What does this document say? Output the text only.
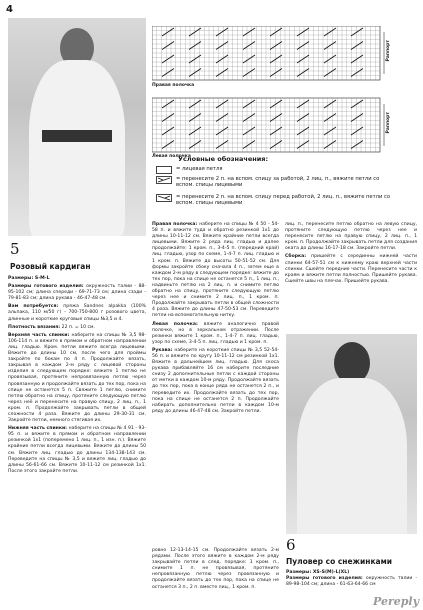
4
Правая полочка
Левая полочка
Раппорт
Раппорт
Условные обозначения:
= лицевая петля
= перенесите 2 п. на вспом. спицу за работой, 2 лиц. п., вяжите петли со вспом. спицы лицевыми
= перенесите 2 п. на вспом. спицу перед работой, 2 лиц. п., вяжите петли со вспом. спицы лицевыми
5
Розовый кардиган

Размеры: S-M-L

Размеры готового изделия: окружность талии - 88-95-102 см; длина спереди - 69-71-73 см; длина сзади - 79-81-83 см; длина рукава - 46-47-48 см.

Вам потребуется: пряжа Sandnes alpakka (100% альпака, 110 м/50 г) - 700-750-800 г розового цвета, длинные и короткие круговые спицы №3,5 и 4.

Плотность вязания: 22 п. = 10 см.

Верхняя часть спинки: наберите на спицы № 3,5 98-106-114 п. и вяжите в прямом и обратном направлении лиц. гладью. Кром. петли вяжите всегда лицевыми. Вяжите до длины 10 см, после чего для проймы закройте по бокам по 4 п. Продолжайте вязать, закрывая в каждом 2-м ряду с лицевой стороны изделия в следующем порядке: вяжите 1 петлю не провязывая, протяните непровязанную петлю через провязанную и продолжайте вязать до тех пор, пока на спице не останется 5 п. Свяжите 1 петлю, снимите петлю обратно на спицу, протяните следующую петлю через неё и перенесите на правую спицу, 2 лиц. п., 1 кром. п. Продолжайте закрывать петли в общей сложности 4 раза. Вяжите до длины 29-30-31 см. Закройте петли, немного стягивая их.

Нижняя часть спинки: наберите на спицы № 4 91 - 93-95 п. и вяжите в прямом и обратном направлении резинкой 1х1 (поперемено 1 лиц. п., 1 изн. п.). Вяжите крайние петли всегда лицевыми. Вяжите до длины 50 см. Вяжите лиц. гладью до длины 134-138-143 см. Переведите на спицы № 3,5 и вяжите лиц. гладью до длины 56-61-66 см. Вяжите 10-11-12 см резинкой 1х1. После этого закройте петли.

Правая полочка: наберите на спицы № 4 50 - 54-58 п. и вяжите туда и обратно резинкой 1х1 до длины 10-11-12 см. Вяжите крайние петли всегда лицевыми. Вяжите 2 ряда лиц. гладью и далее продолжайте: 1 кром. п., 3-4-5 п. (передний край) лиц. гладью, узор по схеме, 1-4-7 п. лиц. гладью и 1 кром. п. Вяжите до высоты 50-51-52 см. Для формы закройте сбоку сначала 4 п., затем еще в каждом 2-м ряду в следующем порядке: вяжите до тех пор, пока на спице не останется 5 п., 1 лиц. п., надвиньте петлю на 2 лиц. п. и снимите петлю обратно на спицу, протяните следующую петлю через нее и снимите 2 лиц. п., 1 кром. п. Продолжайте закрывать петли в общей сложности 4 раза. Вяжите до длины 47-50-53 см. Переведите петли на вспомогательную нитку.

Левая полочка: вяжите аналогично правой полочке, но в зеркальном отражении. После резинки вяжите 1 кром. п., 1-4-7 п. лиц. гладью, узор по схеме, 3-4-5 п. лиц. гладью и 1 кром. п.

Рукава: наберите на короткие спицы № 3,5 52-54-56 п. и вяжите по кругу 10-11-12 см резинкой 1х1. Вяжите в дальнейшем лиц. гладью. Для скоса рукава прибавляйте 16 см наберите последние снизу 2 дополнительные петли с каждой стороны от метки в каждом 10-м ряду. Продолжайте вязать до тех пор, пока в конце ряда не останется 2 п., и переведите их. Продолжайте вязать до тех пор, пока на спице не останется 2 п. Продолжайте набирать дополнительно петли в каждом 10-м ряду до длины 46-47-48 см. Закройте петли.

лиц. п., перенесите петлю обратно на левую спицу, протяните следующую петлю через нее и перенесите петлю на правую спицу, 2 лиц. п., 1 кром. п. Продолжайте закрывать петли для создания оката до длины 16-17-18 см. Закройте петли.

Сборка: пришейте с серединны нижней части спинки 64-57-51 см к нижнему краю верхней части спинки. Сшейте передние части. Перенесите части к краям и вяжите петли полностью. Пришейте рукава. Сшейте швы на плечах. Пришейте рукава.

6
Пуловер со снежинками

Размеры: XS-S(M)-L(XL)

Размеры готового изделия: окружность талии - 89-98-104 см; длина - 61-63-64-66 см

ровно 12-13-14-15 см. Продолжайте вязать 2-м рядами. После этого вяжите в каждом 2-м ряду закрывайте петли в след. порядке: 1 кром. п., снимите 1 п. не провязывая, протяните непровязанную петлю через провязанную и продолжайте вязать до тех пор, пока на спице не останется 3 п., 2 п. вместе лиц., 1 кром. п.

Pereply
